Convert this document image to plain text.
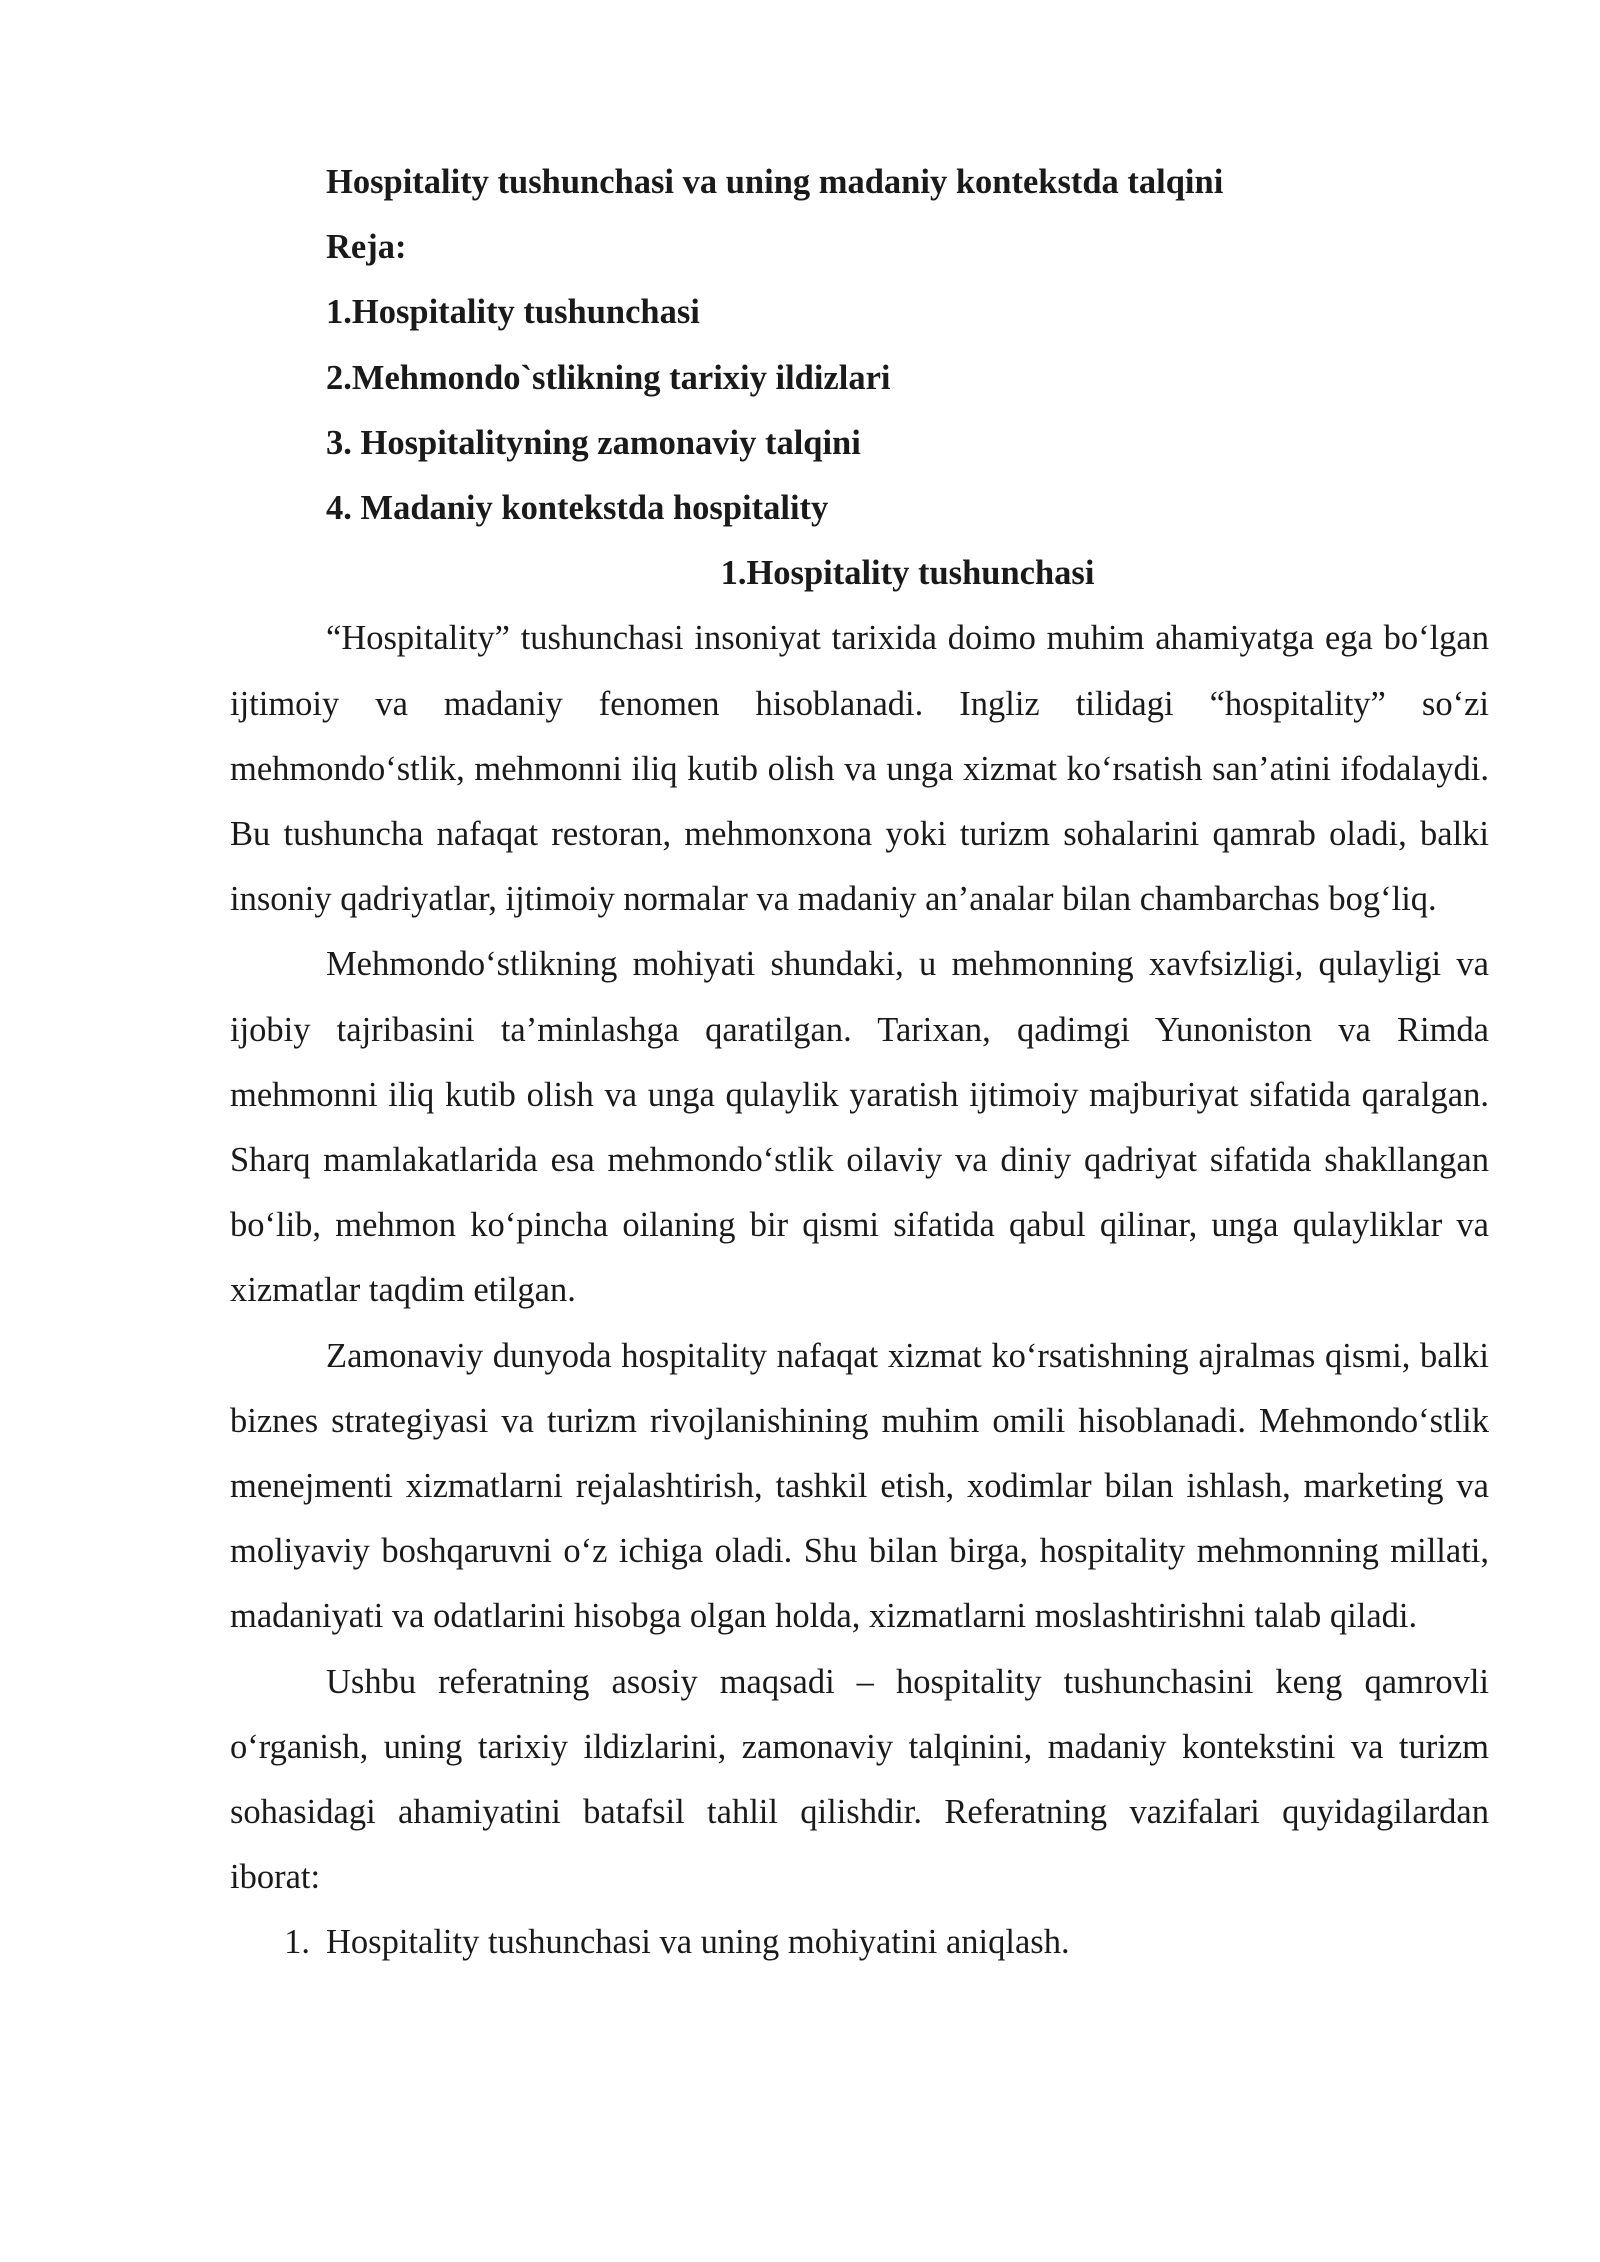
Hospitality tushunchasi va uning madaniy kontekstda talqini

Reja:

1.Hospitality tushunchasi

2.Mehmondo`stlikning tarixiy ildizlari

3. Hospitalityning zamonaviy talqini

4. Madaniy kontekstda hospitality

1.Hospitality tushunchasi

“Hospitality” tushunchasi insoniyat tarixida doimo muhim ahamiyatga ega bo‘lgan ijtimoiy va madaniy fenomen hisoblanadi. Ingliz tilidagi “hospitality” so‘zi mehmondo‘stlik, mehmonni iliq kutib olish va unga xizmat ko‘rsatish san’atini ifodalaydi. Bu tushuncha nafaqat restoran, mehmonxona yoki turizm sohalarini qamrab oladi, balki insoniy qadriyatlar, ijtimoiy normalar va madaniy an’analar bilan chambarchas bog‘liq.

Mehmondo‘stlikning mohiyati shundaki, u mehmonning xavfsizligi, qulayligi va ijobiy tajribasini ta’minlashga qaratilgan. Tarixan, qadimgi Yunoniston va Rimda mehmonni iliq kutib olish va unga qulaylik yaratish ijtimoiy majburiyat sifatida qaralgan. Sharq mamlakatlarida esa mehmondo‘stlik oilaviy va diniy qadriyat sifatida shakllangan bo‘lib, mehmon ko‘pincha oilaning bir qismi sifatida qabul qilinar, unga qulayliklar va xizmatlar taqdim etilgan.

Zamonaviy dunyoda hospitality nafaqat xizmat ko‘rsatishning ajralmas qismi, balki biznes strategiyasi va turizm rivojlanishining muhim omili hisoblanadi. Mehmondo‘stlik menejmenti xizmatlarni rejalashtirish, tashkil etish, xodimlar bilan ishlash, marketing va moliyaviy boshqaruvni o‘z ichiga oladi. Shu bilan birga, hospitality mehmonning millati, madaniyati va odatlarini hisobga olgan holda, xizmatlarni moslashtirishni talab qiladi.

Ushbu referatning asosiy maqsadi – hospitality tushunchasini keng qamrovli o‘rganish, uning tarixiy ildizlarini, zamonaviy talqinini, madaniy kontekstini va turizm sohasidagi ahamiyatini batafsil tahlil qilishdir. Referatning vazifalari quyidagilardan iborat:

1. Hospitality tushunchasi va uning mohiyatini aniqlash.
